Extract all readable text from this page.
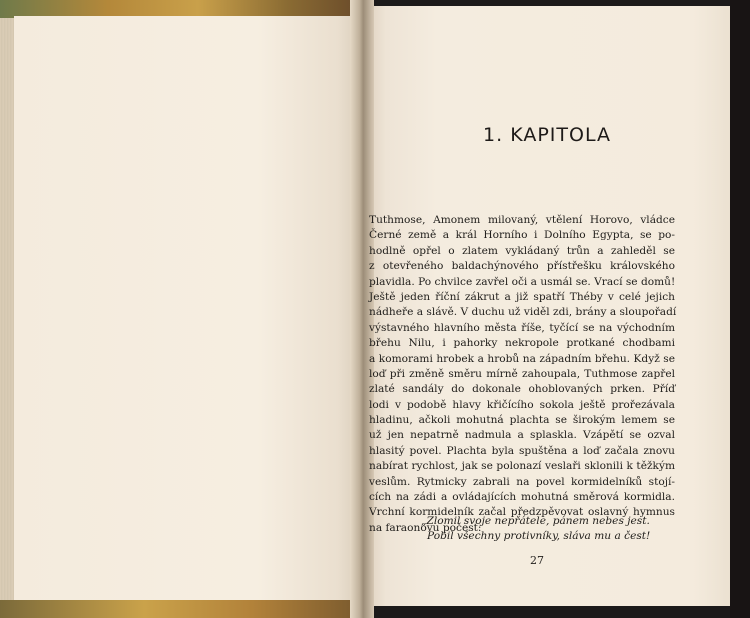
1. KAPITOLA
Tuthmose, Amonem milovaný, vtělení Horovo, vládce
Černé země a král Horního i Dolního Egypta, se po-
hodlně opřel o zlatem vykládaný trůn a zahleděl se
z otevřeného baldachýnového přístřešku královského
plavidla. Po chvilce zavřel oči a usmál se. Vrací se domů!
Ještě jeden říční zákrut a již spatří Théby v celé jejich
nádheře a slávě. V duchu už viděl zdi, brány a sloupořadí
výstavného hlavního města říše, tyčící se na východním
břehu Nilu, i pahorky nekropole protkané chodbami
a komorami hrobek a hrobů na západním břehu. Když se
loď při změně směru mírně zahoupala, Tuthmose zapřel
zlaté sandály do dokonale ohoblovaných prken. Příď
lodi v podobě hlavy křičícího sokola ještě prořezávala
hladinu, ačkoli mohutná plachta se širokým lemem se
už jen nepatrně nadmula a splaskla. Vzápětí se ozval
hlasitý povel. Plachta byla spuštěna a loď začala znovu
nabírat rychlost, jak se polonazí veslaři sklonili k těžkým
veslům. Rytmicky zabrali na povel kormidelníků stojí-
cích na zádi a ovládajících mohutná směrová kormidla.
Vrchní kormidelník začal předzpěvovat oslavný hymnus
na faraonovu počest:
„Zlomil svoje nepřátele, pánem nebes jest.
Pobil všechny protivníky, sláva mu a čest!
27
